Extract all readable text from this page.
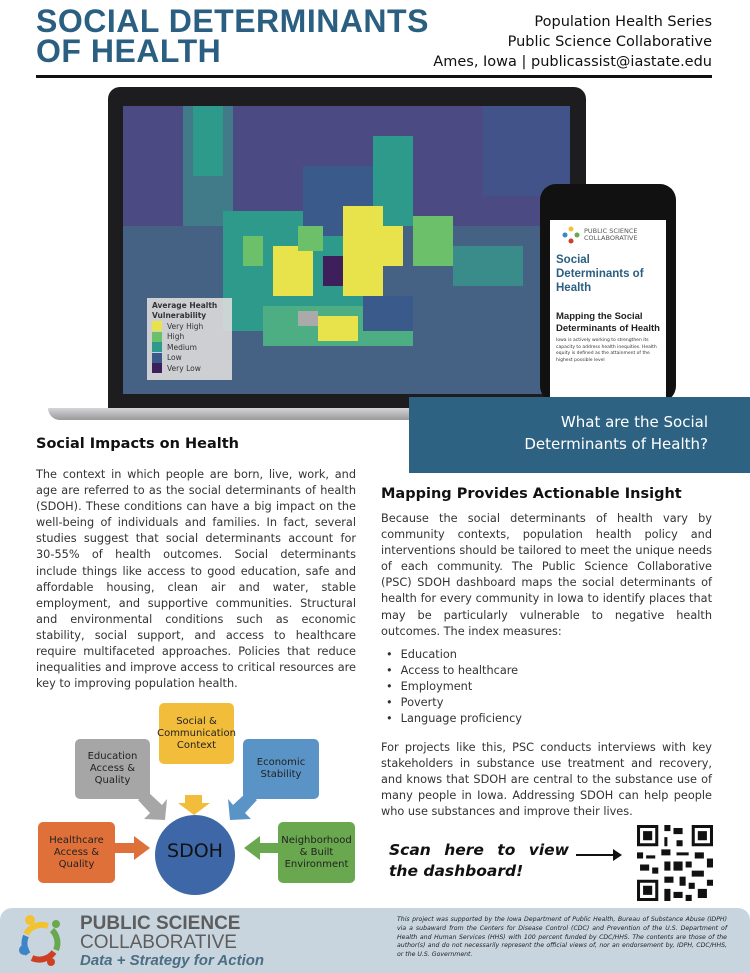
SOCIAL DETERMINANTS
OF HEALTH
Population Health Series
Public Science Collaborative
Ames, Iowa | publicassist@iastate.edu
Average Health
Vulnerability
Very High
High
Medium
Low
Very Low
PUBLIC SCIENCE
COLLABORATIVE
Social Determinants of Health
Mapping the Social Determinants of Health
Iowa is actively working to strengthen its capacity to address health inequities. Health equity is defined as the attainment of the highest possible level
What are the Social
Determinants of Health?
Social Impacts on Health

The context in which people are born, live, work, and age are referred to as the social determinants of health (SDOH). These conditions can have a big impact on the well-being of individuals and families. In fact, several studies suggest that social determinants account for 30-55% of health outcomes. Social determinants include things like access to good education, safe and affordable housing, clean air and water, stable employment, and supportive communities. Structural and environmental conditions such as economic stability, social support, and access to healthcare require multifaceted approaches. Policies that reduce inequalities and improve access to critical resources are key to improving population health.

SDOH
Social & Communication Context
Education Access & Quality
Economic Stability
Healthcare Access & Quality
Neighborhood & Built Environment
Mapping Provides Actionable Insight

Because the social determinants of health vary by community contexts, population health policy and interventions should be tailored to meet the unique needs of each community. The Public Science Collaborative (PSC) SDOH dashboard maps the social determinants of health for every community in Iowa to identify places that may be particularly vulnerable to negative health outcomes. The index measures:

• Education
• Access to healthcare
• Employment
• Poverty
• Language proficiency

For projects like this, PSC conducts interviews with key stakeholders in substance use treatment and recovery, and knows that SDOH are central to the substance use of many people in Iowa. Addressing SDOH can help people who use substances and improve their lives.

Scan here to view the dashboard!
PUBLIC SCIENCE
COLLABORATIVE
Data + Strategy for Action
This project was supported by the Iowa Department of Public Health, Bureau of Substance Abuse (IDPH) via a subaward from the Centers for Disease Control (CDC) and Prevention of the U.S. Department of Health and Human Services (HHS) with 100 percent funded by CDC/HHS. The contents are those of the author(s) and do not necessarily represent the official views of, nor an endorsement by, IDPH, CDC/HHS, or the U.S. Government.
